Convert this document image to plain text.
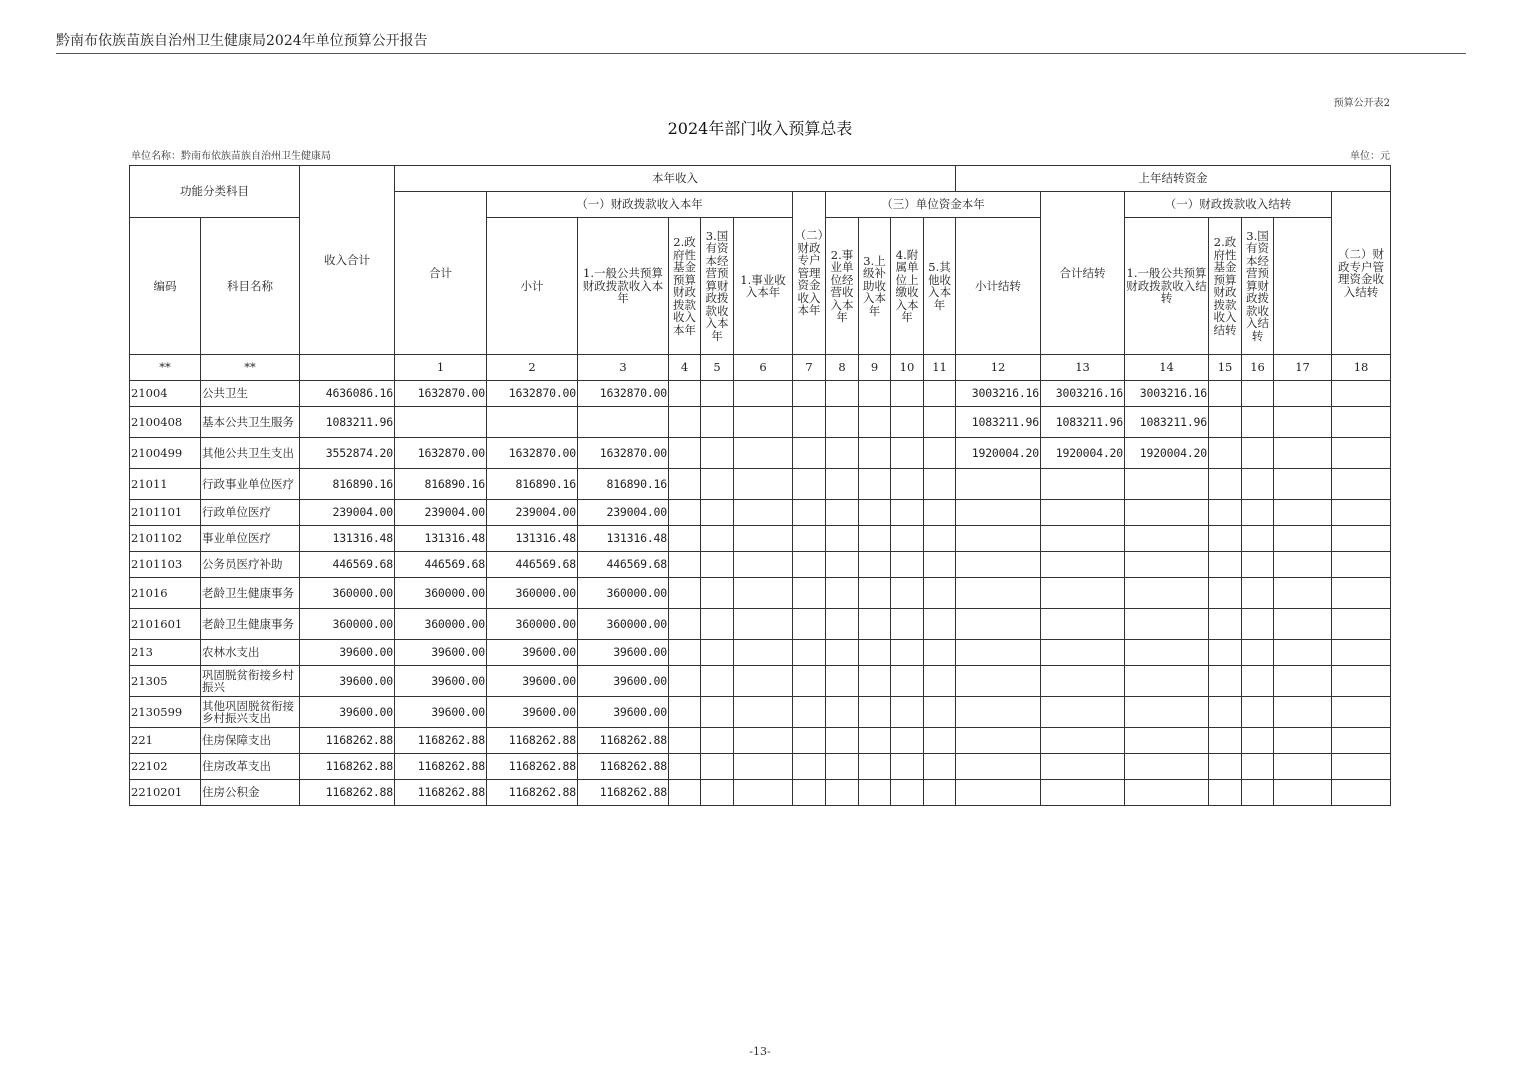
黔南布依族苗族自治州卫生健康局2024年单位预算公开报告
预算公开表2
2024年部门收入预算总表
单位名称：黔南布依族苗族自治州卫生健康局	单位：元
功能分类科目		收入合计	本年收入											上年结转资金							
			合计	（一）财政拨款收入本年					（二）财政专户管理资金收入本年	（三）单位资金本年					合计结转	（一）财政拨款收入结转				（二）财政专户管理资金收入结转	
编码	科目名称			小计	1.一般公共预算财政拨款收入本年	2.政府性基金预算财政拨款收入本年	3.国有资本经营预算财政拨款收入本年	1.事业收入本年		2.事业单位经营收入本年	3.上级补助收入本年	4.附属单位上缴收入本年	5.其他收入本年	小计结转		1.一般公共预算财政拨款收入结转	2.政府性基金预算财政拨款收入结转	3.国有资本经营预算财政拨款收入结转			
**	**		1	2	3	4	5	6	7	8	9	10	11	12	13	14	15	16	17	18	
21004	公共卫生	4636086.16	1632870.00	1632870.00	1632870.00									3003216.16	3003216.16	3003216.16					
2100408	基本公共卫生服务	1083211.96												1083211.96	1083211.96	1083211.96					
2100499	其他公共卫生支出	3552874.20	1632870.00	1632870.00	1632870.00									1920004.20	1920004.20	1920004.20					
21011	行政事业单位医疗	816890.16	816890.16	816890.16	816890.16																
2101101	行政单位医疗	239004.00	239004.00	239004.00	239004.00																
2101102	事业单位医疗	131316.48	131316.48	131316.48	131316.48																
2101103	公务员医疗补助	446569.68	446569.68	446569.68	446569.68																
21016	老龄卫生健康事务	360000.00	360000.00	360000.00	360000.00																
2101601	老龄卫生健康事务	360000.00	360000.00	360000.00	360000.00																
213	农林水支出	39600.00	39600.00	39600.00	39600.00																
21305	巩固脱贫衔接乡村振兴	39600.00	39600.00	39600.00	39600.00																
2130599	其他巩固脱贫衔接乡村振兴支出	39600.00	39600.00	39600.00	39600.00																
221	住房保障支出	1168262.88	1168262.88	1168262.88	1168262.88																
22102	住房改革支出	1168262.88	1168262.88	1168262.88	1168262.88																
2210201	住房公积金	1168262.88	1168262.88	1168262.88	1168262.88																
-13-
